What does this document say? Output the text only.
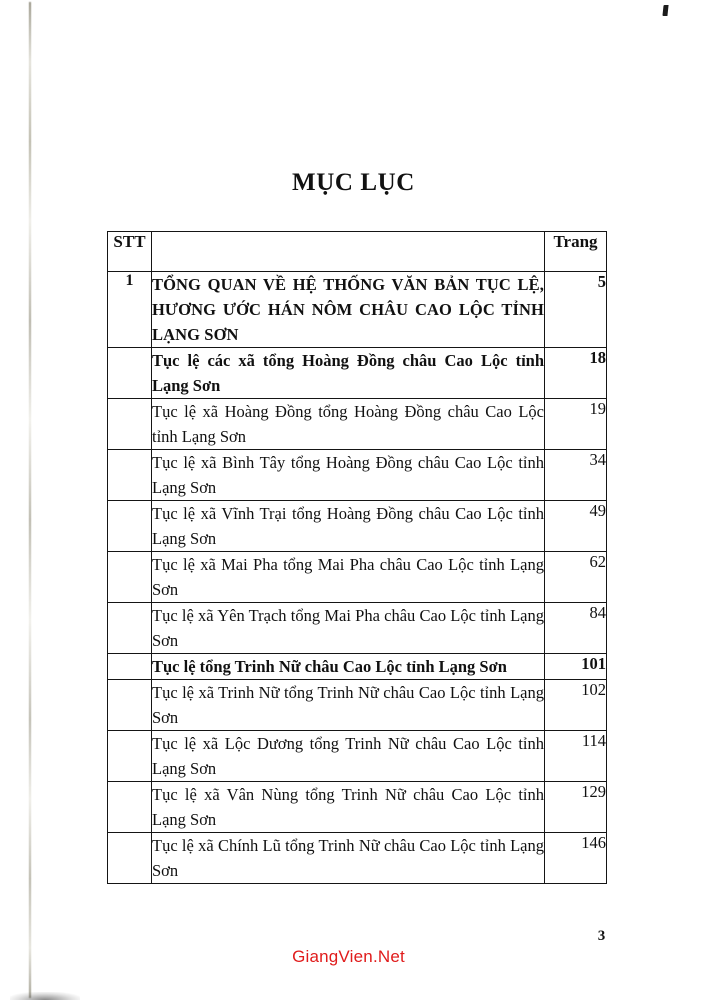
MỤC LỤC
STT		Trang
1	TỔNG QUAN VỀ HỆ THỐNG VĂN BẢN TỤC LỆ, HƯƠNG ƯỚC HÁN NÔM CHÂU CAO LỘC TỈNH LẠNG SƠN	5
	Tục lệ các xã tổng Hoàng Đồng châu Cao Lộc tỉnh Lạng Sơn	18
	Tục lệ xã Hoàng Đồng tổng Hoàng Đồng châu Cao Lộc tỉnh Lạng Sơn	19
	Tục lệ xã Bình Tây tổng Hoàng Đồng châu Cao Lộc tỉnh Lạng Sơn	34
	Tục lệ xã Vĩnh Trại tổng Hoàng Đồng châu Cao Lộc tỉnh Lạng Sơn	49
	Tục lệ xã Mai Pha tổng Mai Pha châu Cao Lộc tỉnh Lạng Sơn	62
	Tục lệ xã Yên Trạch tổng Mai Pha châu Cao Lộc tỉnh Lạng Sơn	84
	Tục lệ tổng Trinh Nữ châu Cao Lộc tỉnh Lạng Sơn	101
	Tục lệ xã Trinh Nữ tổng Trinh Nữ châu Cao Lộc tỉnh Lạng Sơn	102
	Tục lệ xã Lộc Dương tổng Trinh Nữ châu Cao Lộc tỉnh Lạng Sơn	114
	Tục lệ xã Vân Nùng tổng Trinh Nữ châu Cao Lộc tỉnh Lạng Sơn	129
	Tục lệ xã Chính Lũ tổng Trinh Nữ châu Cao Lộc tỉnh Lạng Sơn	146
3
GiangVien.Net
